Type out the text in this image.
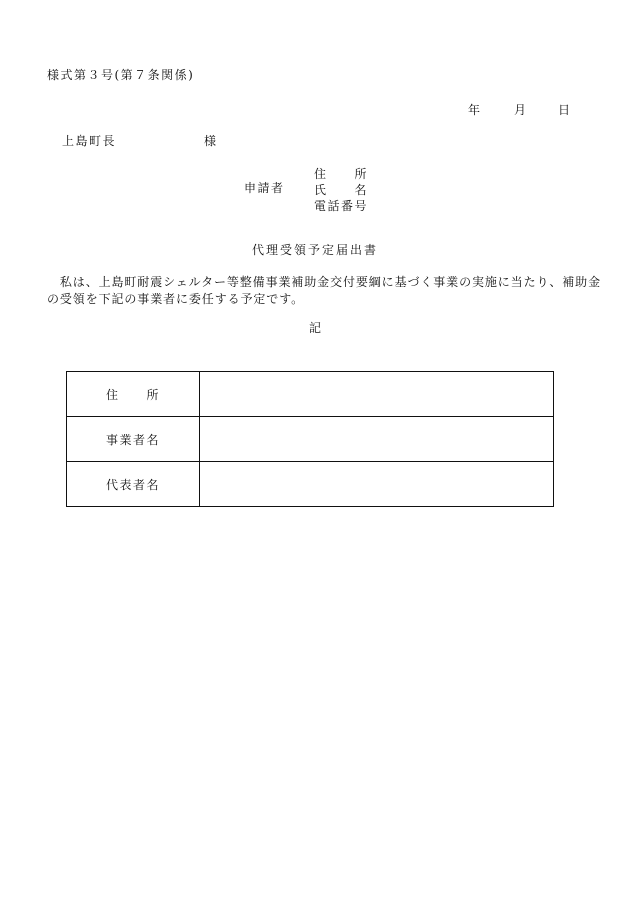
様式第３号(第７条関係)
年	月	日
上島町長	様
申請者
住　　所
氏　　名
電話番号
代理受領予定届出書
　私は、上島町耐震シェルター等整備事業補助金交付要綱に基づく事業の実施に当たり、補助金の受領を下記の事業者に委任する予定です。
記
住　　所	
事業者名	
代表者名	
